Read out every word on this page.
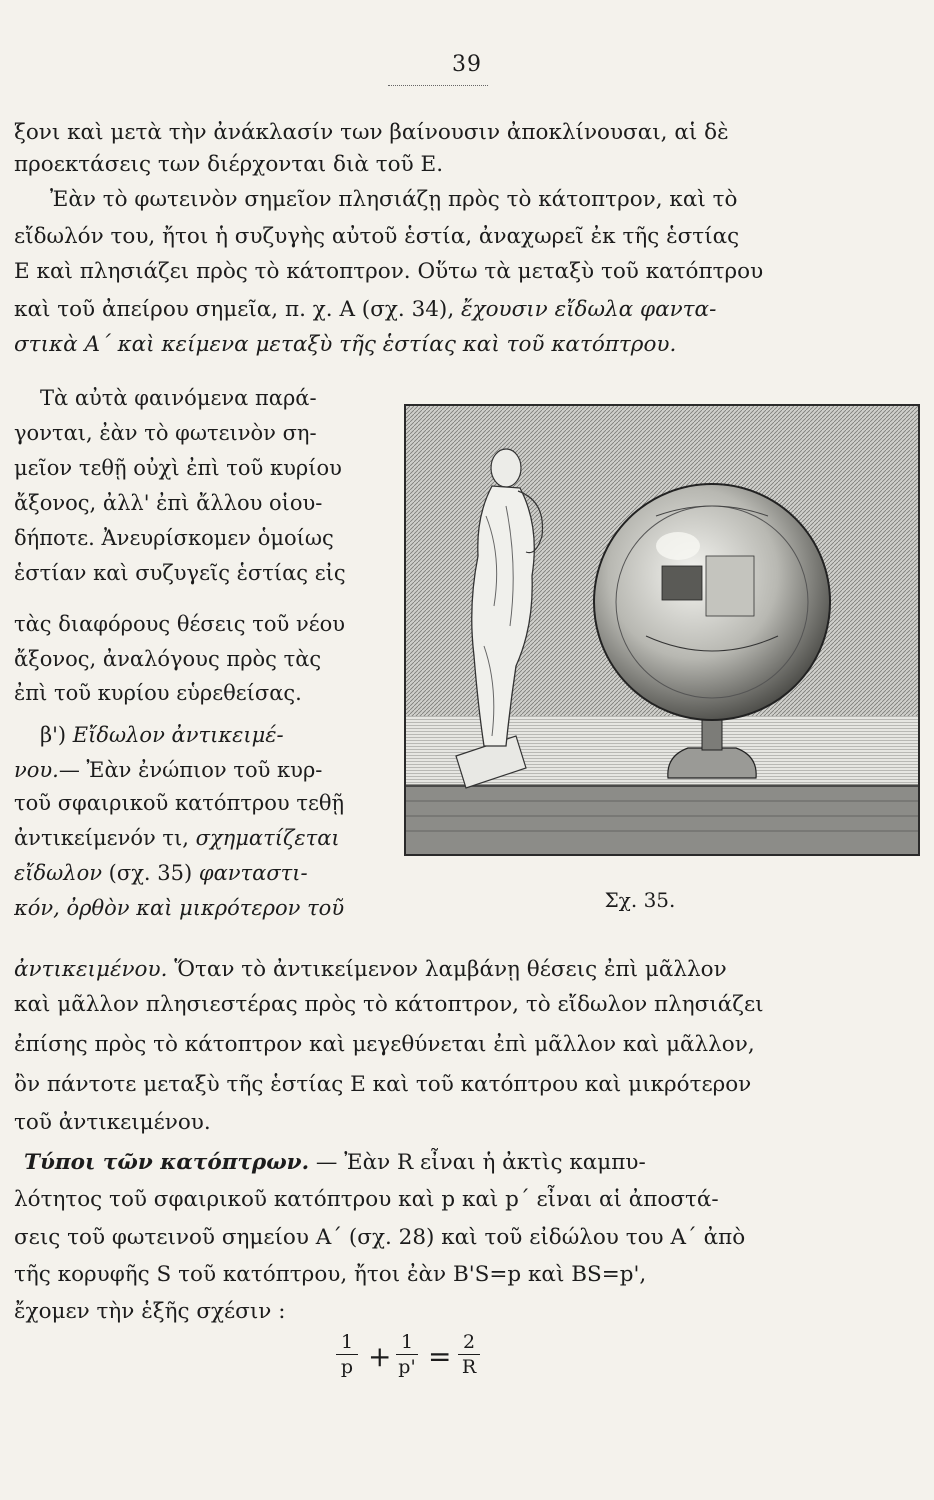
39
ξονι καὶ μετὰ τὴν ἀνάκλασίν των βαίνουσιν ἀποκλίνουσαι, αἱ δὲ
προεκτάσεις των διέρχονται διὰ τοῦ Ε.
Ἐὰν τὸ φωτεινὸν σημεῖον πλησιάζῃ πρὸς τὸ κάτοπτρον, καὶ τὸ
εἴδωλόν του, ἤτοι ἡ συζυγὴς αὐτοῦ ἑστία, ἀναχωρεῖ ἐκ τῆς ἑστίας
Ε καὶ πλησιάζει πρὸς τὸ κάτοπτρον. Οὕτω τὰ μεταξὺ τοῦ κατόπτρου
καὶ τοῦ ἀπείρου σημεῖα, π. χ. Α (σχ. 34), ἔχουσιν εἴδωλα φαντα-
στικὰ Α΄ καὶ κείμενα μεταξὺ τῆς ἑστίας καὶ τοῦ κατόπτρου.
Τὰ αὐτὰ φαινόμενα παρά-
γονται, ἐὰν τὸ φωτεινὸν ση-
μεῖον τεθῇ οὐχὶ ἐπὶ τοῦ κυρίου
ἄξονος, ἀλλ' ἐπὶ ἄλλου οἱου-
δήποτε. Ἀνευρίσκομεν ὁμοίως
ἑστίαν καὶ συζυγεῖς ἑστίας εἰς
τὰς διαφόρους θέσεις τοῦ νέου
ἄξονος, ἀναλόγους πρὸς τὰς
ἐπὶ τοῦ κυρίου εὑρεθείσας.
β') Εἴδωλον ἀντικειμέ-
νου.— Ἐὰν ἐνώπιον τοῦ κυρ-
τοῦ σφαιρικοῦ κατόπτρου τεθῇ
ἀντικείμενόν τι, σχηματίζεται
εἴδωλον (σχ. 35) φανταστι-
κόν, ὀρθὸν καὶ μικρότερον τοῦ	Σχ. 35.
ἀντικειμένου. Ὅταν τὸ ἀντικείμενον λαμβάνῃ θέσεις ἐπὶ μᾶλλον
καὶ μᾶλλον πλησιεστέρας πρὸς τὸ κάτοπτρον, τὸ εἴδωλον πλησιάζει
ἐπίσης πρὸς τὸ κάτοπτρον καὶ μεγεθύνεται ἐπὶ μᾶλλον καὶ μᾶλλον,
ὂν πάντοτε μεταξὺ τῆς ἑστίας Ε καὶ τοῦ κατόπτρου καὶ μικρότερον
τοῦ ἀντικειμένου.
Τύποι τῶν κατόπτρων. — Ἐὰν R εἶναι ἡ ἀκτὶς καμπυ-
λότητος τοῦ σφαιρικοῦ κατόπτρου καὶ p καὶ p΄ εἶναι αἱ ἀποστά-
σεις τοῦ φωτεινοῦ σημείου Α΄ (σχ. 28) καὶ τοῦ εἰδώλου του Α΄ ἀπὸ
τῆς κορυφῆς S τοῦ κατόπτρου, ἤτοι ἐὰν B'S=p καὶ BS=p',
ἔχομεν τὴν ἑξῆς σχέσιν :
$\frac{1}{p} + \frac{1}{p'} = \frac{2}{R}$
